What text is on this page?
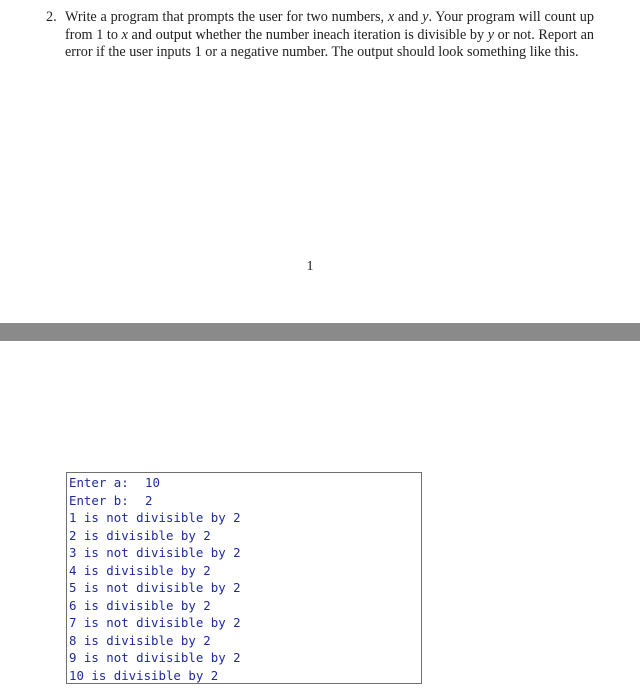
2. Write a program that prompts the user for two numbers, x and y. Your program will count up from 1 to x and output whether the number ineach iteration is divisible by y or not. Report an error if the user inputs 1 or a negative number. The output should look something like this.
1
Enter a: 10
Enter b: 2
1 is not divisible by 2
2 is divisible by 2
3 is not divisible by 2
4 is divisible by 2
5 is not divisible by 2
6 is divisible by 2
7 is not divisible by 2
8 is divisible by 2
9 is not divisible by 2
10 is divisible by 2
